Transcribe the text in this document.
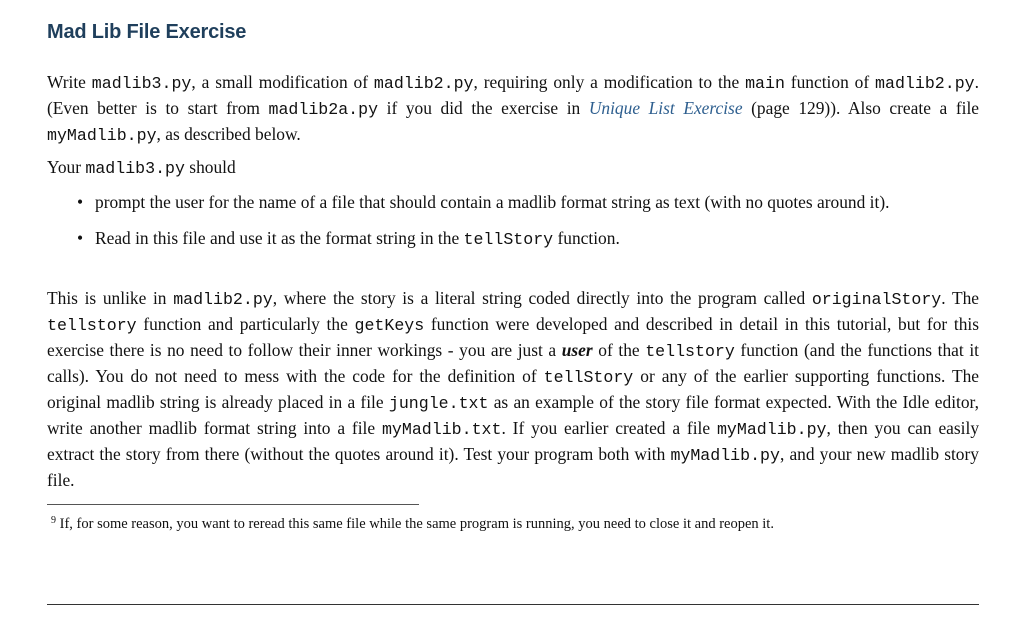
Mad Lib File Exercise

Write madlib3.py, a small modification of madlib2.py, requiring only a modification to the main function of madlib2.py. (Even better is to start from madlib2a.py if you did the exercise in Unique List Exercise (page 129)). Also create a file myMadlib.py, as described below.

Your madlib3.py should

• prompt the user for the name of a file that should contain a madlib format string as text (with no quotes around it).
• Read in this file and use it as the format string in the tellStory function.

This is unlike in madlib2.py, where the story is a literal string coded directly into the program called originalStory. The tellstory function and particularly the getKeys function were developed and described in detail in this tutorial, but for this exercise there is no need to follow their inner workings - you are just a user of the tellstory function (and the functions that it calls). You do not need to mess with the code for the definition of tellStory or any of the earlier supporting functions. The original madlib string is already placed in a file jungle.txt as an example of the story file format expected. With the Idle editor, write another madlib format string into a file myMadlib.txt. If you earlier created a file myMadlib.py, then you can easily extract the story from there (without the quotes around it). Test your program both with myMadlib.py, and your new madlib story file.

$^9$ If, for some reason, you want to reread this same file while the same program is running, you need to close it and reopen it.
